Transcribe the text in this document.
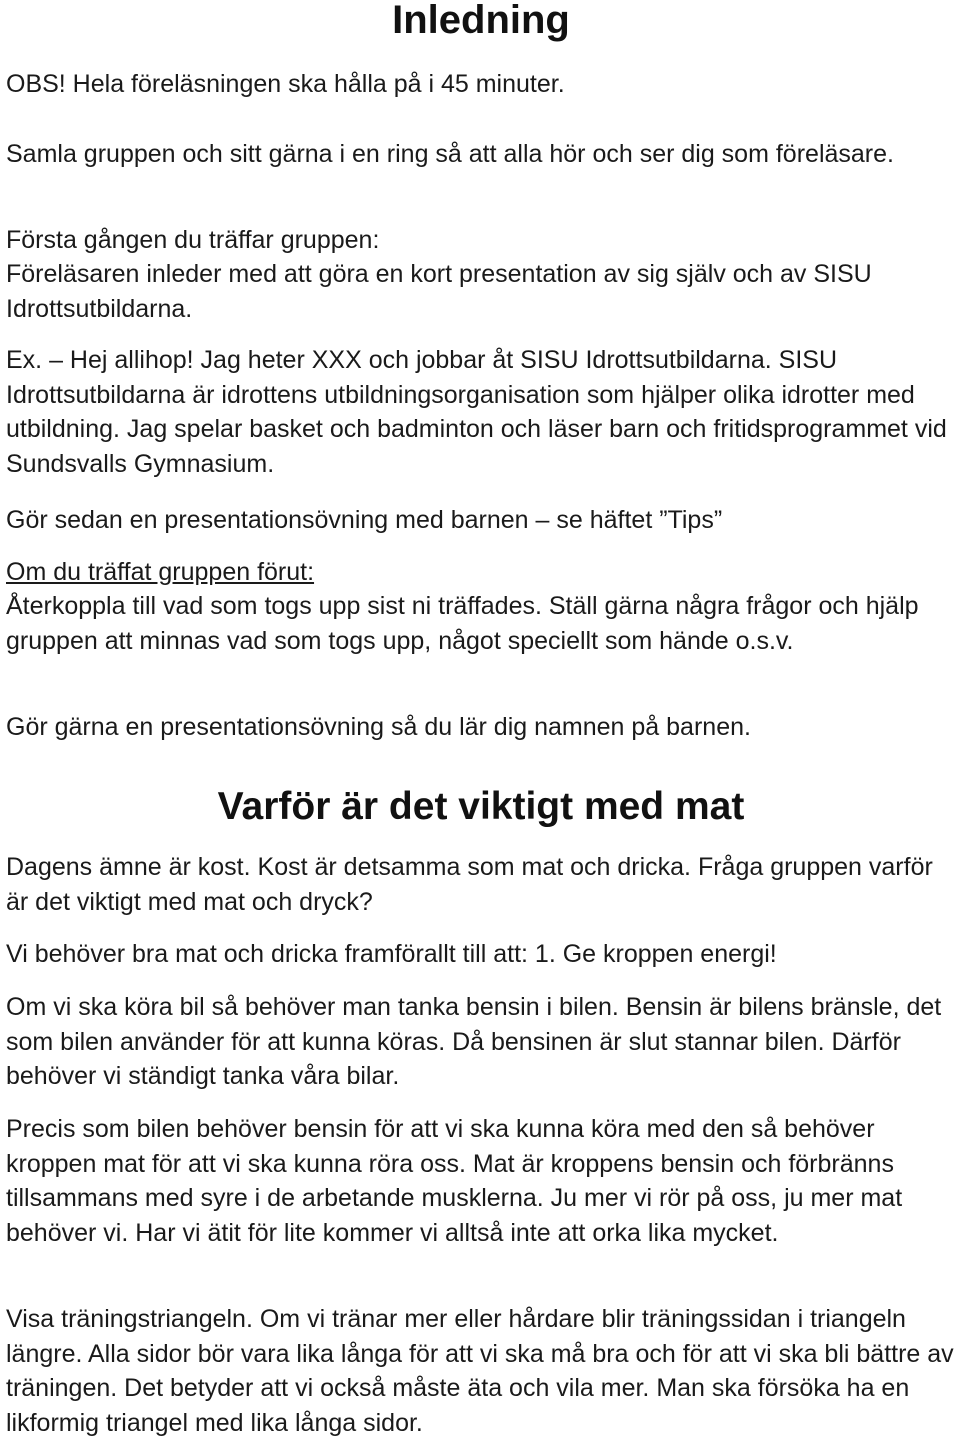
Inledning

OBS! Hela föreläsningen ska hålla på i 45 minuter.

Samla gruppen och sitt gärna i en ring så att alla hör och ser dig som föreläsare.

Första gången du träffar gruppen:

Föreläsaren inleder med att göra en kort presentation av sig själv och av SISU Idrottsutbildarna.

Ex. – Hej allihop! Jag heter XXX och jobbar åt SISU Idrottsutbildarna. SISU Idrottsutbildarna är idrottens utbildningsorganisation som hjälper olika idrotter med utbildning. Jag spelar basket och badminton och läser barn och fritidsprogrammet vid Sundsvalls Gymnasium.

Gör sedan en presentationsövning med barnen – se häftet ”Tips”

Om du träffat gruppen förut:

Återkoppla till vad som togs upp sist ni träffades. Ställ gärna några frågor och hjälp gruppen att minnas vad som togs upp, något speciellt som hände o.s.v.

Gör gärna en presentationsövning så du lär dig namnen på barnen.

Varför är det viktigt med mat

Dagens ämne är kost. Kost är detsamma som mat och dricka. Fråga gruppen varför är det viktigt med mat och dryck?

Vi behöver bra mat och dricka framförallt till att: 1. Ge kroppen energi!

Om vi ska köra bil så behöver man tanka bensin i bilen. Bensin är bilens bränsle, det som bilen använder för att kunna köras. Då bensinen är slut stannar bilen. Därför behöver vi ständigt tanka våra bilar.

Precis som bilen behöver bensin för att vi ska kunna köra med den så behöver kroppen mat för att vi ska kunna röra oss. Mat är kroppens bensin och förbränns tillsammans med syre i de arbetande musklerna. Ju mer vi rör på oss, ju mer mat behöver vi. Har vi ätit för lite kommer vi alltså inte att orka lika mycket.

Visa träningstriangeln. Om vi tränar mer eller hårdare blir träningssidan i triangeln längre. Alla sidor bör vara lika långa för att vi ska må bra och för att vi ska bli bättre av träningen. Det betyder att vi också måste äta och vila mer. Man ska försöka ha en likformig triangel med lika långa sidor.
